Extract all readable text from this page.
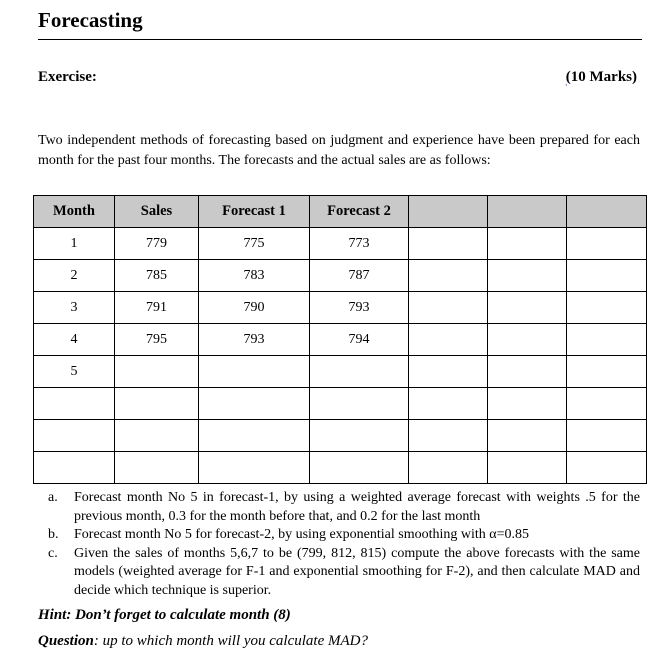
Forecasting
Exercise:	(10 Marks)
Two independent methods of forecasting based on judgment and experience have been prepared for each month for the past four months. The forecasts and the actual sales are as follows:
Month	Sales	Forecast 1	Forecast 2			
1	779	775	773			
2	785	783	787			
3	791	790	793			
4	795	793	794			
5						

a.	Forecast month No 5 in forecast-1, by using a weighted average forecast with weights .5 for the previous month, 0.3 for the month before that, and 0.2 for the last month
b.	Forecast month No 5 for forecast-2, by using exponential smoothing with α=0.85
c.	Given the sales of months 5,6,7 to be (799, 812, 815) compute the above forecasts with the same models (weighted average for F-1 and exponential smoothing for F-2), and then calculate MAD and decide which technique is superior.
Hint: Don’t forget to calculate month (8)
Question: up to which month will you calculate MAD?
